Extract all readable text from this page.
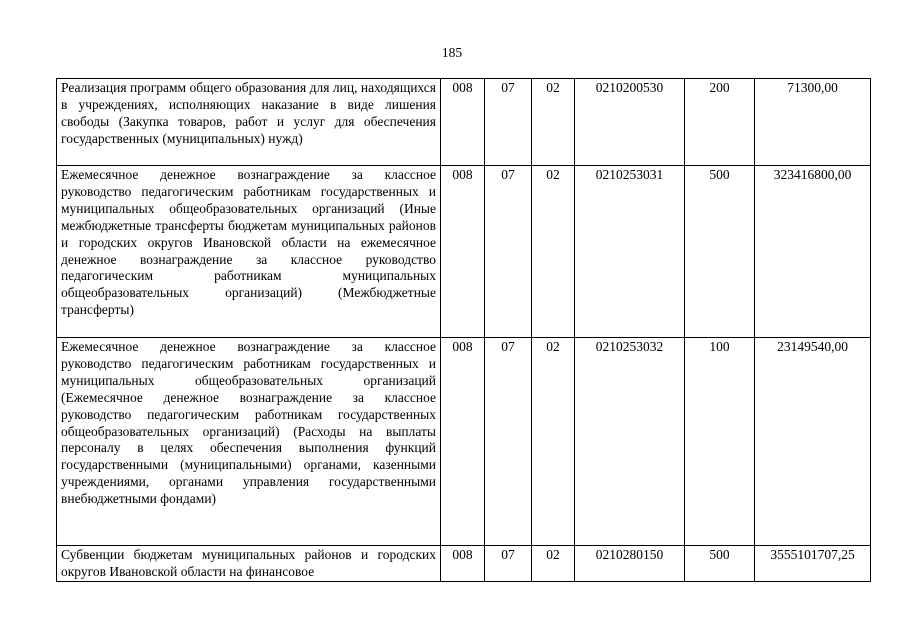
185
Реализация программ общего образования для лиц, находящихся в учреждениях, исполняющих наказание в виде лишения свободы (Закупка товаров, работ и услуг для обеспечения государственных (муниципальных) нужд)	008	07	02	0210200530	200	71300,00
Ежемесячное денежное вознаграждение за классное руководство педагогическим работникам государственных и муниципальных общеобразовательных организаций (Иные межбюджетные трансферты бюджетам муниципальных районов и городских округов Ивановской области на ежемесячное денежное вознаграждение за классное руководство педагогическим работникам муниципальных общеобразовательных организаций) (Межбюджетные трансферты)	008	07	02	0210253031	500	323416800,00
Ежемесячное денежное вознаграждение за классное руководство педагогическим работникам государственных и муниципальных общеобразовательных организаций (Ежемесячное денежное вознаграждение за классное руководство педагогическим работникам государственных общеобразовательных организаций) (Расходы на выплаты персоналу в целях обеспечения выполнения функций государственными (муниципальными) органами, казенными учреждениями, органами управления государственными внебюджетными фондами)	008	07	02	0210253032	100	23149540,00
Субвенции бюджетам муниципальных районов и городских округов Ивановской области на финансовое	008	07	02	0210280150	500	3555101707,25
